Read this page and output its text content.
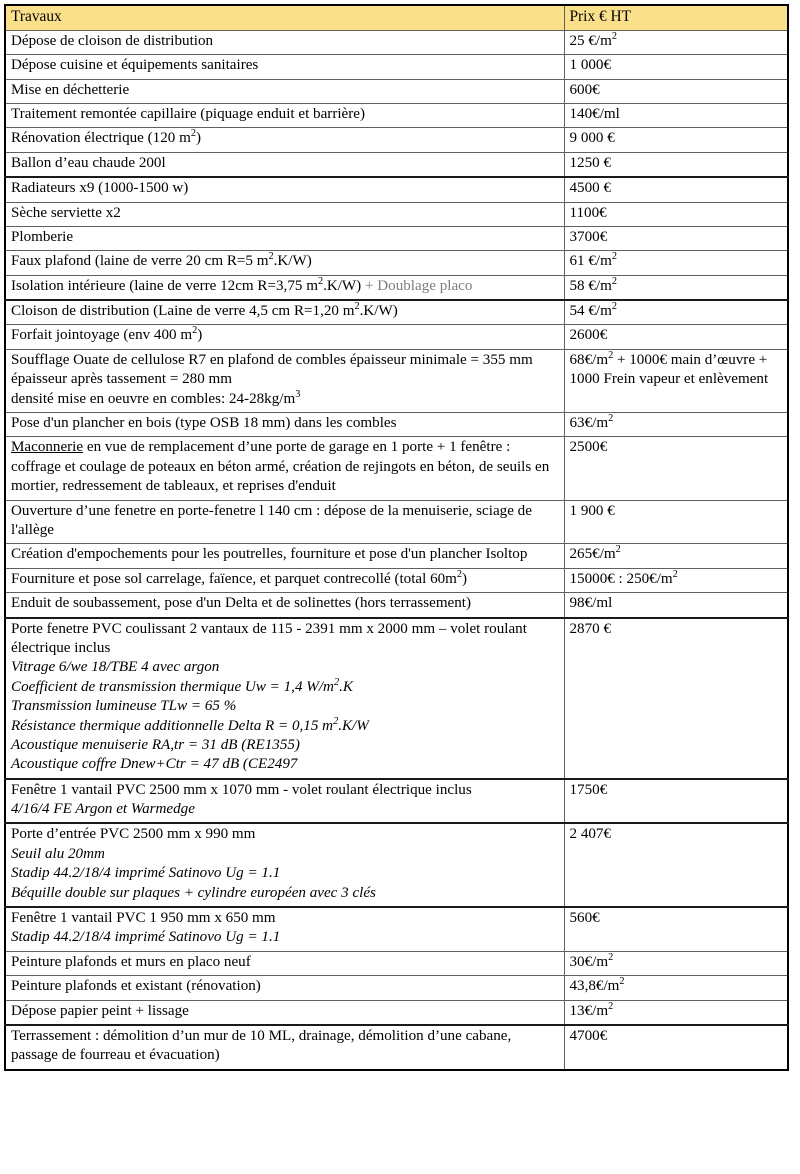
Travaux	Prix € HT
Dépose de cloison de distribution	25 $€/m^2$
Dépose cuisine et équipements sanitaires	1 000€
Mise en déchetterie	600€
Traitement remontée capillaire (piquage enduit et barrière)	140€/ml
Rénovation électrique (120 $m^2$)	9 000 €
Ballon d’eau chaude 200l	1250 €
Radiateurs x9 (1000-1500 w)	4500 €
Sèche serviette x2	1100€
Plomberie	3700€
Faux plafond (laine de verre 20 cm R=5 $m^2.K/W$)	61 $€/m^2$
Isolation intérieure (laine de verre 12cm R=3,75 $m^2.K/W$) + Doublage placo	58 $€/m^2$
Cloison de distribution (Laine de verre 4,5 cm R=1,20 $m^2.K/W$)	54 $€/m^2$
Forfait jointoyage (env 400 $m^2$)	2600€

Soufflage Ouate de cellulose R7 en plafond de combles épaisseur minimale = 355 mm
épaisseur après tassement = 280 mm
densité mise en oeuvre en combles: $24-28kg/m^3$	$68€/m^2$ + 1000€ main d’œuvre + 1000 Frein vapeur et enlèvement
Pose d'un plancher en bois (type OSB 18 mm) dans les combles	$63€/m^2$
Maconnerie en vue de remplacement d’une porte de garage en 1 porte + 1 fenêtre : coffrage et coulage de poteaux en béton armé, création de rejingots en béton, de seuils en mortier, redressement de tableaux, et reprises d'enduit	2500€
Ouverture d’une fenetre en porte-fenetre l 140 cm : dépose de la menuiserie, sciage de l'allège	1 900 €
Création d'empochements pour les poutrelles, fourniture et pose d'un plancher Isoltop	$265€/m^2$
Fourniture et pose sol carrelage, faïence, et parquet contrecollé (total $60m^2$)	15000€ : $250€/m^2$
Enduit de soubassement, pose d'un Delta et de solinettes (hors terrassement)	98€/ml

Porte fenetre PVC coulissant 2 vantaux de 115 - 2391 mm x 2000 mm – volet roulant électrique inclus
Vitrage 6/we 18/TBE 4 avec argon
Coefficient de transmission thermique Uw = 1,4 $W/m^2.K$
Transmission lumineuse TLw = 65 %
Résistance thermique additionnelle Delta R = 0,15 $m^2.K/W$
Acoustique menuiserie RA,tr = 31 dB (RE1355)
Acoustique coffre Dnew+Ctr = 47 dB (CE2497
	2870 €

Fenêtre 1 vantail PVC 2500 mm x 1070 mm - volet roulant électrique inclus
4/16/4 FE Argon et Warmedge	1750€

Porte d’entrée PVC 2500 mm x 990 mm
Seuil alu 20mm
Stadip 44.2/18/4 imprimé Satinovo Ug = 1.1
Béquille double sur plaques + cylindre européen avec 3 clés	2 407€

Fenêtre 1 vantail PVC 1 950 mm x 650 mm
Stadip 44.2/18/4 imprimé Satinovo Ug = 1.1	560€
Peinture plafonds et murs en placo neuf	$30€/m^2$
Peinture plafonds et existant (rénovation)	$43,8€/m^2$
Dépose papier peint + lissage	$13€/m^2$
Terrassement : démolition d’un mur de 10 ML, drainage, démolition d’une cabane, passage de fourreau et évacuation)	4700€
